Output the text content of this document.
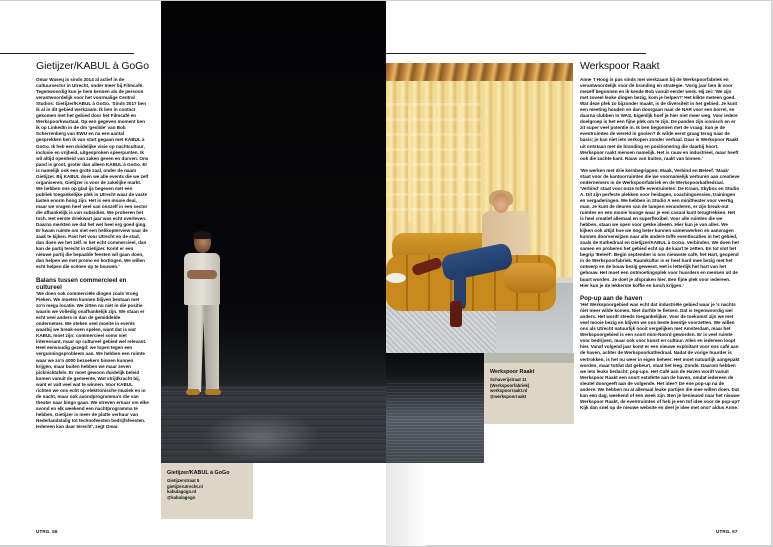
Gietijzer/KABUL à GoGo

Omar Waseq is sinds 2014 al actief in de cultuursector in Utrecht, onder meer bij Filmcafé. Tegenwoordig kun je hem kennen als de persoon verantwoordelijk voor het voormalige Central Studios: Gietijzer/KABUL à GoGo. 'Sinds 2017 ben ik al in dit gebied werkzaam. Ik ben in contact gekomen met het gebied door het Filmcafé en Werkspoorkwartaal. Op een gegeven moment ben ik op LinkedIn in de dm 'geslide' van Bob Scherrenberg van EWU en na een aantal gesprekken ben ik van start gegaan met KABUL à GoGo. Ik heb een duidelijke visie op nachtcultuur, inclusie en vrijheid, uitgesproken speerpunten. Ik wil altijd openheid van zaken geven en durven. Ons pand is groot, groter dan alleen KABUL à GoGo. Er is namelijk ook een grote zaal, onder de naam Gietijzer. Bij KABUL doen we alle events die we zelf organiseren, Gietijzer is voor de zakelijke markt. We hebben ons op glad ijs begeven met een publiek toegankelijke plek in Utrecht waar de vaste lasten enorm hoog zijn. Het is een mooie deal, maar we vragen heel veel van onszelf in een sector die afhankelijk is van subsidies. We proberen het toch. Het eerste driekwart jaar was echt overleven. Daarna merkten we dat het wel heel erg goed ging. Er kwam ruimte om met een helikopterview naar de zaak te kijken. Past het voor Utrecht en de stad, dan doen we het zelf. Is het echt commercieel, dan kan de partij terecht in Gietijzer. Komt er een nieuwe partij die bepaalde feesten wil gaan doen, dan helpen we met promo en kortingen. We willen echt helpen die scènes op te bouwen.'

Balans tussen commercieel en cultureel

'We doen ook commerciële dingen zoals Vroeg Pieken. We moeten kunnen blijven bestaan met zo'n mega locatie. We zitten nu niet in die positie waarin we volledig onafhankelijk zijn. We staan er echt veel anders in dan de gemiddelde ondernemer. We steken veel moeite in events waarbij we break-even spelen, want dat is wat KABUL moet zijn: commercieel soms niet interessant, maar op cultureel gebied wel relevant. Heel eenvoudig gezegd: we lopen tegen een vergunningsprobleem aan. We hebben een ruimte waar we zo'n 4000 bezoekers binnen kunnen krijgen, maar buiten hebben we maar zeven picknicktafels. Er moet gewoon duidelijk beleid komen vanuit de gemeente. Wat strijdkracht bij, want er valt veel wat te winnen. Voor KABUL richten we ons echt op elektronische muziek en in de nacht, maar ook avondprogramma's die van theater naar bingo gaan. We streven ernaar om elke avond en elk weekend een nachtprogramma te hebben. Gietijzer is meer de platte verhuur van Nederlandstalig tot technofeesten bedrijfsfeesten. Iedereen kan daar terecht', zegt Omar.

UTRG. 56
Gietijzer/KABUL à GoGo
Gietijzerstraat 5
gietijzerutrecht.nl
kabulagogo.nl
@kabulagogo
Werkspoor Raakt
Schaverijstraat 11
(Werkspoorfabriek)
werkspoorraakt.nl
@werkspoorraakt
Werkspoor Raakt

Anne 't Hoog is pas sinds mei werkzaam bij de Werkspoorfabriek en verantwoordelijk voor de branding en strategie. 'Vorig jaar ben ik voor mezelf begonnen en ik kende Bob vanuit eerder werk. Hij zei: 'We zijn met zoveel leuke dingen bezig, kom je helpen?' Het klikte meteen goed. Wat deze plek zo bijzonder maakt, is de diversiteit in het gebied. Je kunt een meeting houden en dan doorgaan naar de NAR voor een borrel, en daarna clubben in WAS. Eigenlijk hoef je hier niet meer weg. Voor iedere doelgroep is het een fijne plek om te zijn. De panden zijn iconisch en er zit super veel potentie in. Ik ben begonnen met de vraag: kun je de eventruimtes de wereld in gooien? Ik wilde eerst graag terug naar de basis; je kan niet iets verkopen zonder verhaal. Daar is Werkspoor Raakt uit ontstaan met de branding en positionering die daarbij hoort. Werkspoor raakt mensen namelijk. Het is rauw en industrieel, maar heeft ook die zachte kant. Rauw van buiten, raakt van binnen.'

'We werken met drie kernbegrippen: Maak, Verbind en Beleef. 'Maak' staat voor de kantoorruimtes die we voornamelijk verhuren aan creatieve ondernemers in de Werkspoorfabriek en de Werkspoorkathedraal. 'Verbind' staat voor onze toffe eventruimtes: De Kraan, Skybox en Studio A. Dit zijn perfecte plekken voor heidagen, coachingsessies, trainingen en vergaderingen. We hebben in Studio A een minitheater voor veertig man. Je kunt de deuren van de lampen veranderen, er zijn break-out ruimtes en een mooie lounge waar je een casual kunt terugtrekken. Het is heel creatief allemaal en superflexibel. Voor alle ruimtes die we hebben, staan we open voor gekke ideeën. Hier kun je van alles. We kijken ook altijd hoe we nog beter kunnen samenwerken en aanvragen kunnen doorverwijzen naar alle andere toffe eventlocaties in het gebied, zoals de Kathedraal en Gietijzer/KABUL à GoGo. Verbinden. We doen het samen en proberen het gebied echt op de kaart te zetten. En tot slot het begrip 'Beleef'. Begin september is ons nieuwste café, het Hart, geopend in de Werkspoorfabriek. Raumkultur is er heel hard mee bezig met het ontwerp en de bouw bezig geweest. Het is letterlijk het hart van het gebouw. Het moet een ontmoetingsplek voor huurders en mensen uit de buurt worden. Je doet je afspraken hier. Een fijne plek voor iedereen. Hier kun je de lekkerste koffie en lunch krijgen.'

Pop-up aan de haven

'Het Werkspoorgebied was echt dat industriële gebied waar je 's nachts niet meer wilde komen. Niet durfde te fietsen. Dat is tegenwoordig wel anders. Het wordt steeds toegankelijker. Voor de toekomst zijn we met veel mooie bezig en blijven we ons beste beentje voorzetten. We willen ons als Utrecht natuurlijk nooit vergelijken met Amsterdam, maar het Werkspoorgebied is een soort mini-Noord geworden. Er is veel ruimte voor bedrijven, maar ook voor kunst en cultuur. Alles en iedereen loopt hier. Vanaf volgend jaar komt er een nieuwe exploitant voor ons café aan de haven, achter de Werkspoorkathedraal. Nadat de vorige huurder is vertrokken, is het nu weer in eigen beheer. Het moet natuurlijk aangepakt worden, maar totdat dat gebeurt, staat het leeg. Zonde. Daarom hebben we iets leuks bedacht: pop-ups. Het Café aan de Haven wordt vanuit Werkspoor Raakt een soort estafette aan de haven, omdat iedereen de sleutel doorgeeft aan de volgende. Het idee? De ene pop-up na de andere. We hebben nu al allemaal leuke partijen die mee willen doen. Dat kan een dag, weekend of een week zijn. Ben je benieuwd naar het nieuwe Werkspoor Raakt, de eventruimtes of heb je een tof idee voor de pop-up? Kijk dan snel op de nieuwe website en deel je idee met ons!' aldus Anne.

UTRG. 57
